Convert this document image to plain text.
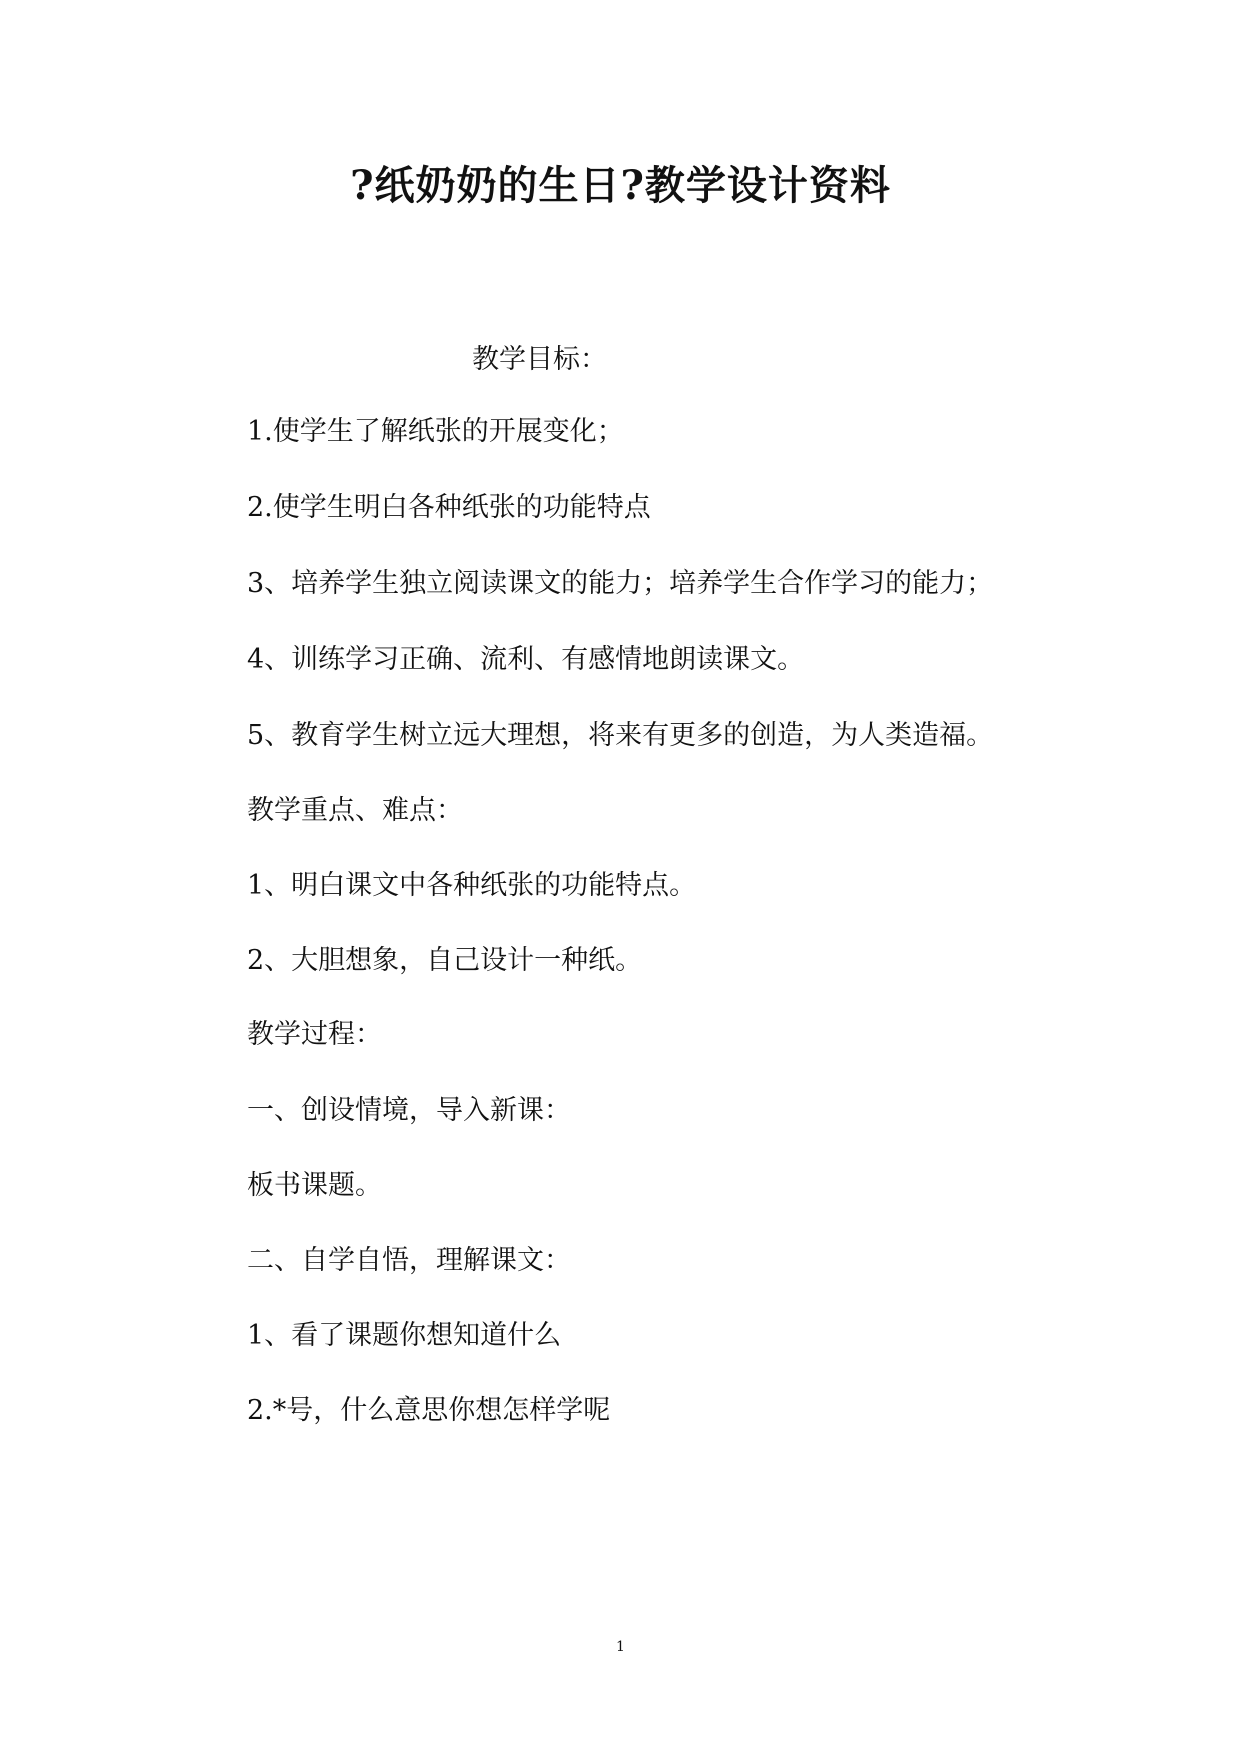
?纸奶奶的生日?教学设计资料

教学目标：

1.使学生了解纸张的开展变化；

2.使学生明白各种纸张的功能特点

3、培养学生独立阅读课文的能力；培养学生合作学习的能力；

4、训练学习正确、流利、有感情地朗读课文。

5、教育学生树立远大理想，将来有更多的创造，为人类造福。

教学重点、难点：

1、明白课文中各种纸张的功能特点。

2、大胆想象，自己设计一种纸。

教学过程：

一、创设情境，导入新课：

板书课题。

二、自学自悟，理解课文：

1、看了课题你想知道什么

2.*号，什么意思你想怎样学呢

1
